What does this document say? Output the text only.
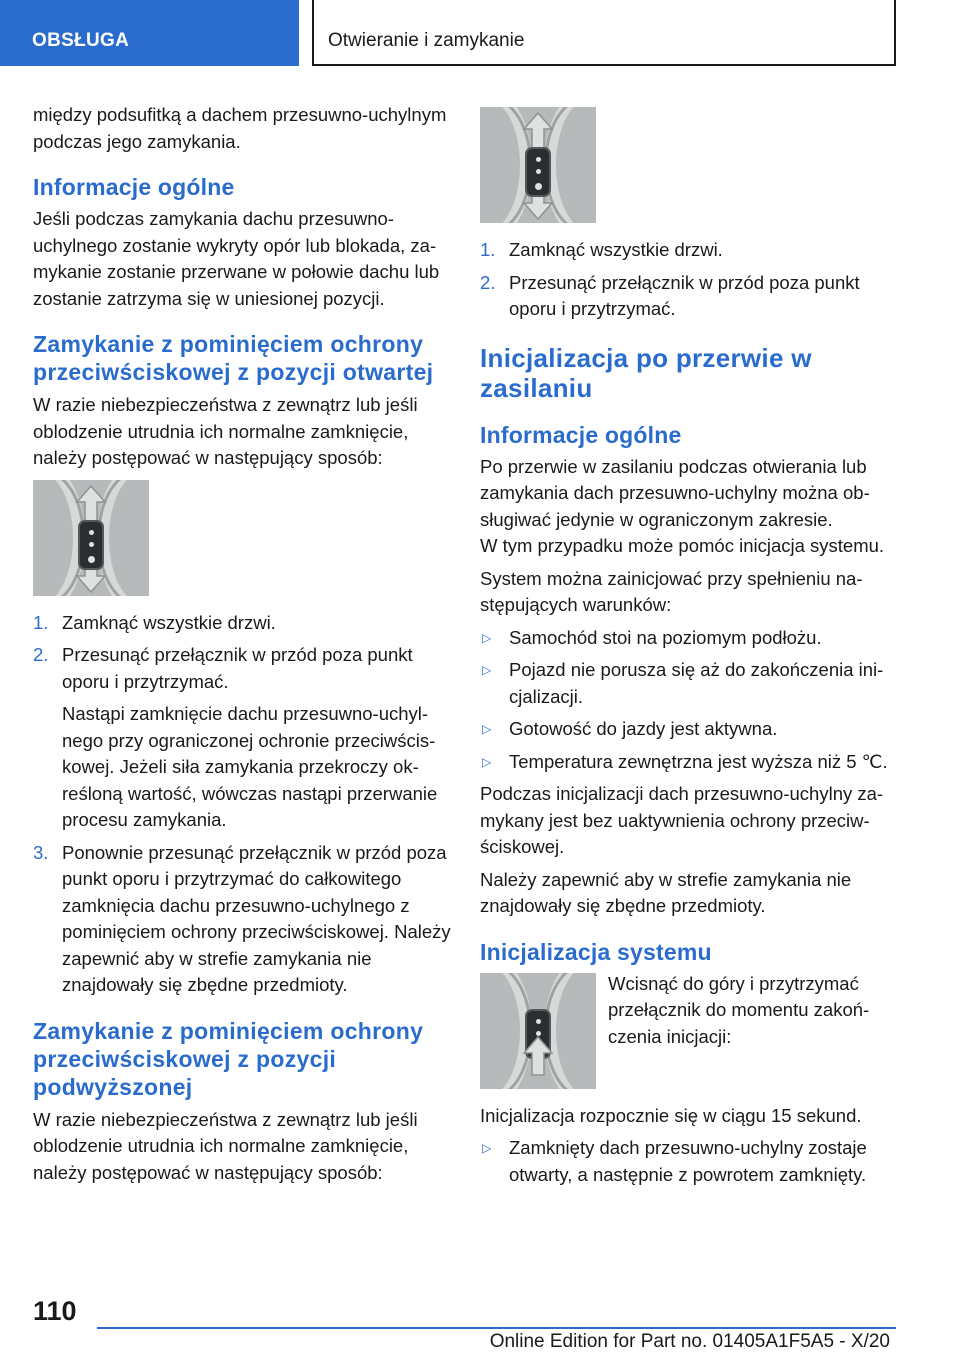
OBSŁUGA	Otwieranie i zamykanie

między podsufitką a dachem przesuwno-uchylnym podczas jego zamykania.

Informacje ogólne

Jeśli podczas zamykania dachu przesuwno-uchylnego zostanie wykryty opór lub blokada, zamykanie zostanie przerwane w połowie dachu lub zostanie zatrzyma się w uniesionej pozycji.

Zamykanie z pominięciem ochrony przeciwściskowej z pozycji otwartej

W razie niebezpieczeństwa z zewnątrz lub jeśli oblodzenie utrudnia ich normalne zamknięcie, należy postępować w następujący sposób:

1. Zamknąć wszystkie drzwi.
2. Przesunąć przełącznik w przód poza punkt oporu i przytrzymać.

Nastąpi zamknięcie dachu przesuwno-uchylnego przy ograniczonej ochronie przeciwściskowej. Jeżeli siła zamykania przekroczy określoną wartość, wówczas nastąpi przerwanie procesu zamykania.

3. Ponownie przesunąć przełącznik w przód poza punkt oporu i przytrzymać do całkowitego zamknięcia dachu przesuwno-uchylnego z pominięciem ochrony przeciwściskowej. Należy zapewnić aby w strefie zamykania nie znajdowały się zbędne przedmioty.
Zamykanie z pominięciem ochrony przeciwściskowej z pozycji podwyższonej

W razie niebezpieczeństwa z zewnątrz lub jeśli oblodzenie utrudnia ich normalne zamknięcie, należy postępować w następujący sposób:

1. Zamknąć wszystkie drzwi.
2. Przesunąć przełącznik w przód poza punkt oporu i przytrzymać.
Inicjalizacja po przerwie w zasilaniu
Informacje ogólne

Po przerwie w zasilaniu podczas otwierania lub zamykania dach przesuwno-uchylny można obsługiwać jedynie w ograniczonym zakresie.

W tym przypadku może pomóc inicjacja systemu.

System można zainicjować przy spełnieniu następujących warunków:

▷ Samochód stoi na poziomym podłożu.
▷ Pojazd nie porusza się aż do zakończenia inicjalizacji.
▷ Gotowość do jazdy jest aktywna.
▷ Temperatura zewnętrzna jest wyższa niż 5 ℃.

Podczas inicjalizacji dach przesuwno-uchylny zamykany jest bez uaktywnienia ochrony przeciwściskowej.

Należy zapewnić aby w strefie zamykania nie znajdowały się zbędne przedmioty.

Inicjalizacja systemu

Wcisnąć do góry i przytrzymać przełącznik do momentu zakończenia inicjacji:

Inicjalizacja rozpocznie się w ciągu 15 sekund.

▷ Zamknięty dach przesuwno-uchylny zostaje otwarty, a następnie z powrotem zamknięty.
110
Online Edition for Part no. 01405A1F5A5 - X/20
